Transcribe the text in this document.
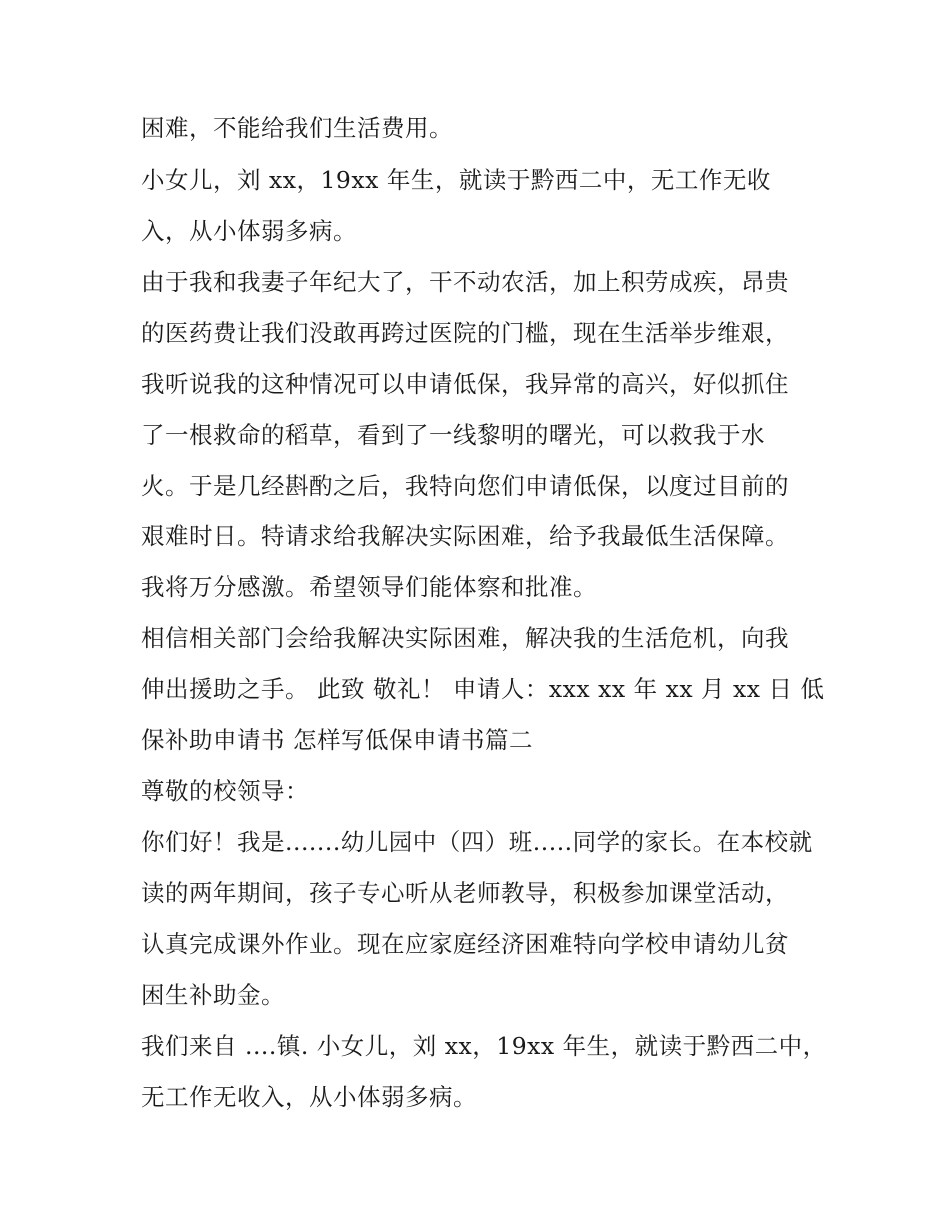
困难，不能给我们生活费用。
小女儿，刘 xx，19xx 年生，就读于黔西二中，无工作无收
入，从小体弱多病。
由于我和我妻子年纪大了，干不动农活，加上积劳成疾，昂贵
的医药费让我们没敢再跨过医院的门槛，现在生活举步维艰，
我听说我的这种情况可以申请低保，我异常的高兴，好似抓住
了一根救命的稻草，看到了一线黎明的曙光，可以救我于水
火。于是几经斟酌之后，我特向您们申请低保，以度过目前的
艰难时日。特请求给我解决实际困难，给予我最低生活保障。
我将万分感激。希望领导们能体察和批准。
相信相关部门会给我解决实际困难，解决我的生活危机，向我
伸出援助之手。 此致 敬礼！ 申请人：xxx xx 年 xx 月 xx 日 低
保补助申请书 怎样写低保申请书篇二
尊敬的校领导：
你们好！我是.......幼儿园中（四）班.....同学的家长。在本校就
读的两年期间，孩子专心听从老师教导，积极参加课堂活动，
认真完成课外作业。现在应家庭经济困难特向学校申请幼儿贫
困生补助金。
我们来自 ....镇. 小女儿，刘 xx，19xx 年生，就读于黔西二中，
无工作无收入，从小体弱多病。
